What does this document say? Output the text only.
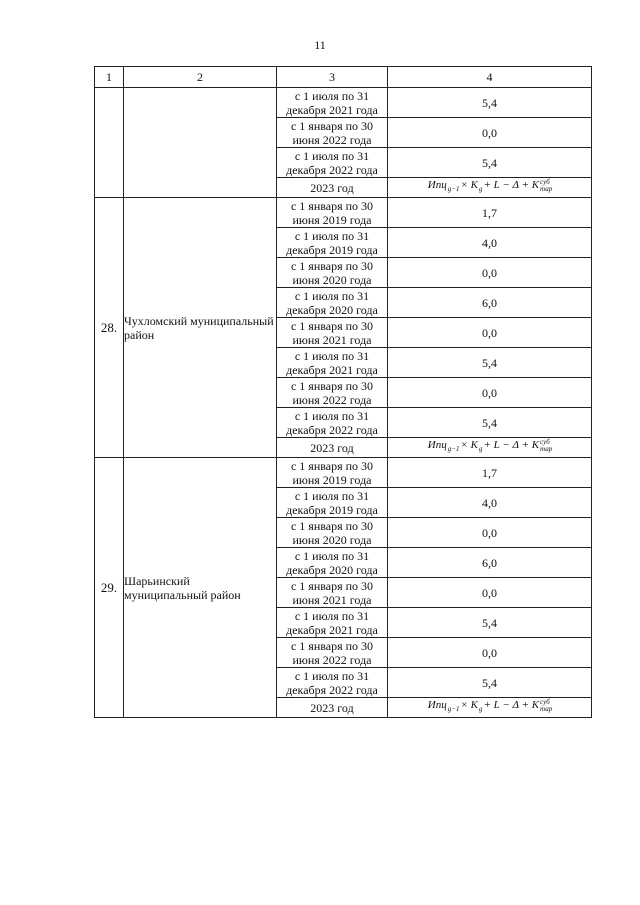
11
1	2	3	4
		с 1 июля по 31 декабря 2021 года	5,4
		с 1 января по 30 июня 2022 года	0,0
		с 1 июля по 31 декабря 2022 года	5,4
		2023 год	$Иnц_{g-1}\times K_g+ L - \Delta$ + Kсуб
тар
28.	Чухломский муниципальный район	с 1 января по 30 июня 2019 года	1,7
		с 1 июля по 31 декабря 2019 года	4,0
		с 1 января по 30 июня 2020 года	0,0
		с 1 июля по 31 декабря 2020 года	6,0
		с 1 января по 30 июня 2021 года	0,0
		с 1 июля по 31 декабря 2021 года	5,4
		с 1 января по 30 июня 2022 года	0,0
		с 1 июля по 31 декабря 2022 года	5,4
		2023 год	$Иnц_{g-1}\times K_g+ L - \Delta$ + Kсуб
тар
29.	Шарьинский муниципальный район	с 1 января по 30 июня 2019 года	1,7
		с 1 июля по 31 декабря 2019 года	4,0
		с 1 января по 30 июня 2020 года	0,0
		с 1 июля по 31 декабря 2020 года	6,0
		с 1 января по 30 июня 2021 года	0,0
		с 1 июля по 31 декабря 2021 года	5,4
		с 1 января по 30 июня 2022 года	0,0
		с 1 июля по 31 декабря 2022 года	5,4
		2023 год	$Иnц_{g-1}\times K_g+ L - \Delta$ + Kсуб
тар
